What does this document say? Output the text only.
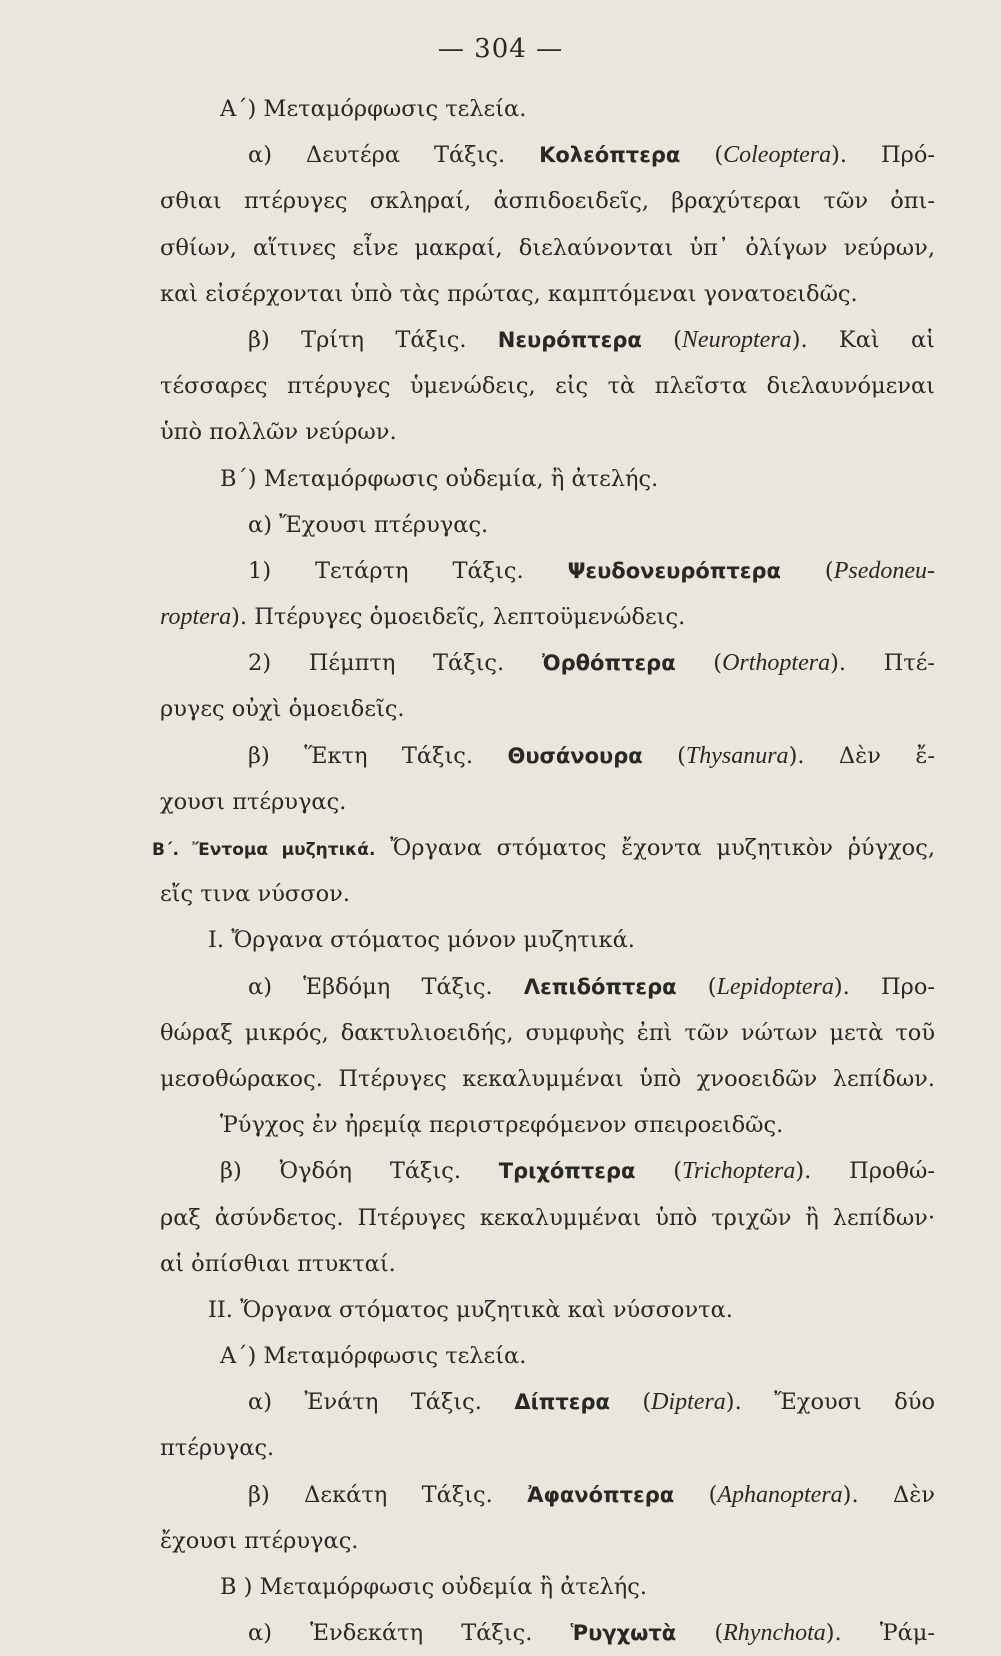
— 304 —
Α΄) Μεταμόρφωσις τελεία.
α) Δευτέρα Τάξις. Κολεόπτερα (Coleoptera). Πρό-
σθιαι πτέρυγες σκληραί, ἀσπιδοειδεῖς, βραχύτεραι τῶν ὀπι-
σθίων, αἵτινες εἶνε μακραί, διελαύνονται ὑπ᾽ ὀλίγων νεύρων,
καὶ εἰσέρχονται ὑπὸ τὰς πρώτας, καμπτόμεναι γονατοειδῶς.
β) Τρίτη Τάξις. Νευρόπτερα (Neuroptera). Καὶ αἱ
τέσσαρες πτέρυγες ὑμενώδεις, εἰς τὰ πλεῖστα διελαυνόμεναι
ὑπὸ πολλῶν νεύρων.
Β΄) Μεταμόρφωσις οὐδεμία, ἢ ἀτελής.
α) Ἔχουσι πτέρυγας.
1) Τετάρτη Τάξις. Ψευδονευρόπτερα (Psedoneu-
roptera). Πτέρυγες ὁμοειδεῖς, λεπτοϋμενώδεις.
2) Πέμπτη Τάξις. Ὀρθόπτερα (Orthoptera). Πτέ-
ρυγες οὐχὶ ὁμοειδεῖς.
β) Ἕκτη Τάξις. Θυσάνουρα (Thysanura). Δὲν ἔ-
χουσι πτέρυγας.
Β΄. Ἔντομα μυζητικά. Ὄργανα στόματος ἔχοντα μυζητικὸν ῥύγχος,
εἴς τινα νύσσον.
Ι. Ὄργανα στόματος μόνον μυζητικά.
α) Ἑβδόμη Τάξις. Λεπιδόπτερα (Lepidoptera). Προ-
θώραξ μικρός, δακτυλιοειδής, συμφυὴς ἐπὶ τῶν νώτων μετὰ τοῦ
μεσοθώρακος. Πτέρυγες κεκαλυμμέναι ὑπὸ χνοοειδῶν λεπίδων.
Ῥύγχος ἐν ἠρεμίᾳ περιστρεφόμενον σπειροειδῶς.
β) Ὀγδόη Τάξις. Τριχόπτερα (Trichoptera). Προθώ-
ραξ ἀσύνδετος. Πτέρυγες κεκαλυμμέναι ὑπὸ τριχῶν ἢ λεπίδων·
αἱ ὀπίσθιαι πτυκταί.
ΙΙ. Ὄργανα στόματος μυζητικὰ καὶ νύσσοντα.
Α΄) Μεταμόρφωσις τελεία.
α) Ἐνάτη Τάξις. Δίπτερα (Diptera). Ἔχουσι δύο
πτέρυγας.
β) Δεκάτη Τάξις. Ἀφανόπτερα (Aphanoptera). Δὲν
ἔχουσι πτέρυγας.
Β ) Μεταμόρφωσις οὐδεμία ἢ ἀτελής.
α) Ἑνδεκάτη Τάξις. Ῥυγχωτὰ (Rhynchota). Ῥάμ-
